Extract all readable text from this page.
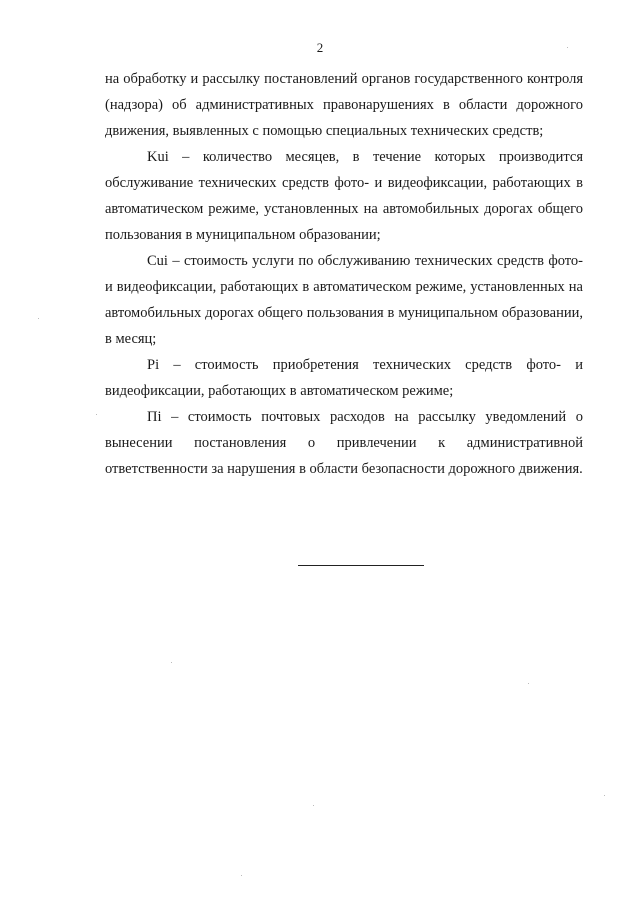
2

на обработку и рассылку постановлений органов государственного контроля (надзора) об административных правонарушениях в области дорожного движения, выявленных с помощью специальных технических средств;

Kui – количество месяцев, в течение которых производится обслуживание технических средств фото- и видеофиксации, работающих в автоматическом режиме, установленных на автомобильных дорогах общего пользования в муниципальном образовании;

Cui – стоимость услуги по обслуживанию технических средств фото- и видеофиксации, работающих в автоматическом режиме, установленных на автомобильных дорогах общего пользования в муниципальном образовании, в месяц;

Pi – стоимость приобретения технических средств фото- и видеофиксации, работающих в автоматическом режиме;

Пi – стоимость почтовых расходов на рассылку уведомлений о вынесении постановления о привлечении к административной ответственности за нарушения в области безопасности дорожного движения.
